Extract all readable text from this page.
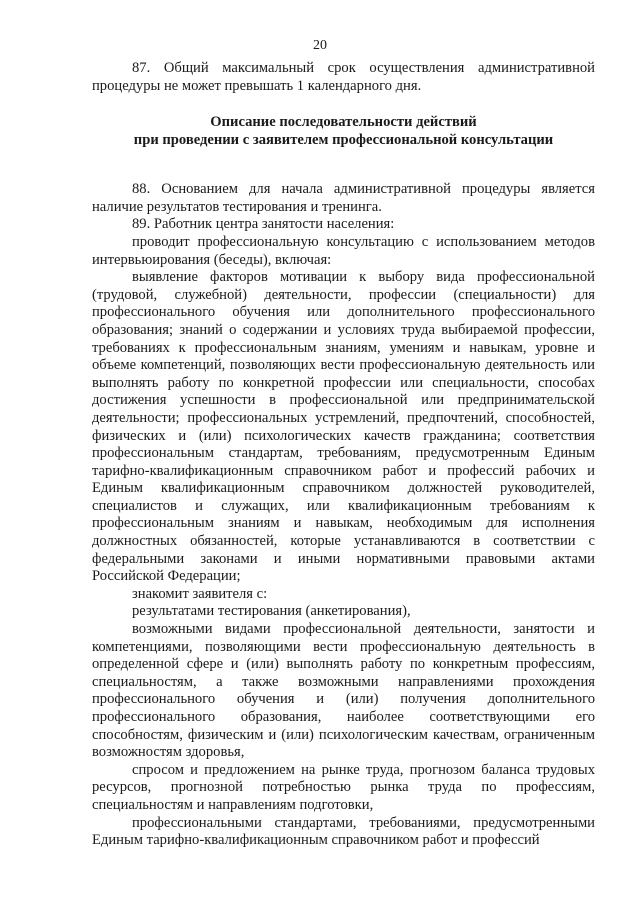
20

87. Общий максимальный срок осуществления административной процедуры не может превышать 1 календарного дня.

Описание последовательности действий
при проведении с заявителем профессиональной консультации

88. Основанием для начала административной процедуры является наличие результатов тестирования и тренинга.

89. Работник центра занятости населения:

проводит профессиональную консультацию с использованием методов интервьюирования (беседы), включая:

выявление факторов мотивации к выбору вида профессиональной (трудовой, служебной) деятельности, профессии (специальности) для профессионального обучения или дополнительного профессионального образования; знаний о содержании и условиях труда выбираемой профессии, требованиях к профессиональным знаниям, умениям и навыкам, уровне и объеме компетенций, позволяющих вести профессиональную деятельность или выполнять работу по конкретной профессии или специальности, способах достижения успешности в профессиональной или предпринимательской деятельности; профессиональных устремлений, предпочтений, способностей, физических и (или) психологических качеств гражданина; соответствия профессиональным стандартам, требованиям, предусмотренным Единым тарифно-квалификационным справочником работ и профессий рабочих и Единым квалификационным справочником должностей руководителей, специалистов и служащих, или квалификационным требованиям к профессиональным знаниям и навыкам, необходимым для исполнения должностных обязанностей, которые устанавливаются в соответствии с федеральными законами и иными нормативными правовыми актами Российской Федерации;

знакомит заявителя с:

результатами тестирования (анкетирования),

возможными видами профессиональной деятельности, занятости и компетенциями, позволяющими вести профессиональную деятельность в определенной сфере и (или) выполнять работу по конкретным профессиям, специальностям, а также возможными направлениями прохождения профессионального обучения и (или) получения дополнительного профессионального образования, наиболее соответствующими его способностям, физическим и (или) психологическим качествам, ограниченным возможностям здоровья,

спросом и предложением на рынке труда, прогнозом баланса трудовых ресурсов, прогнозной потребностью рынка труда по профессиям, специальностям и направлениям подготовки,

профессиональными стандартами, требованиями, предусмотренными Единым тарифно-квалификационным справочником работ и профессий
